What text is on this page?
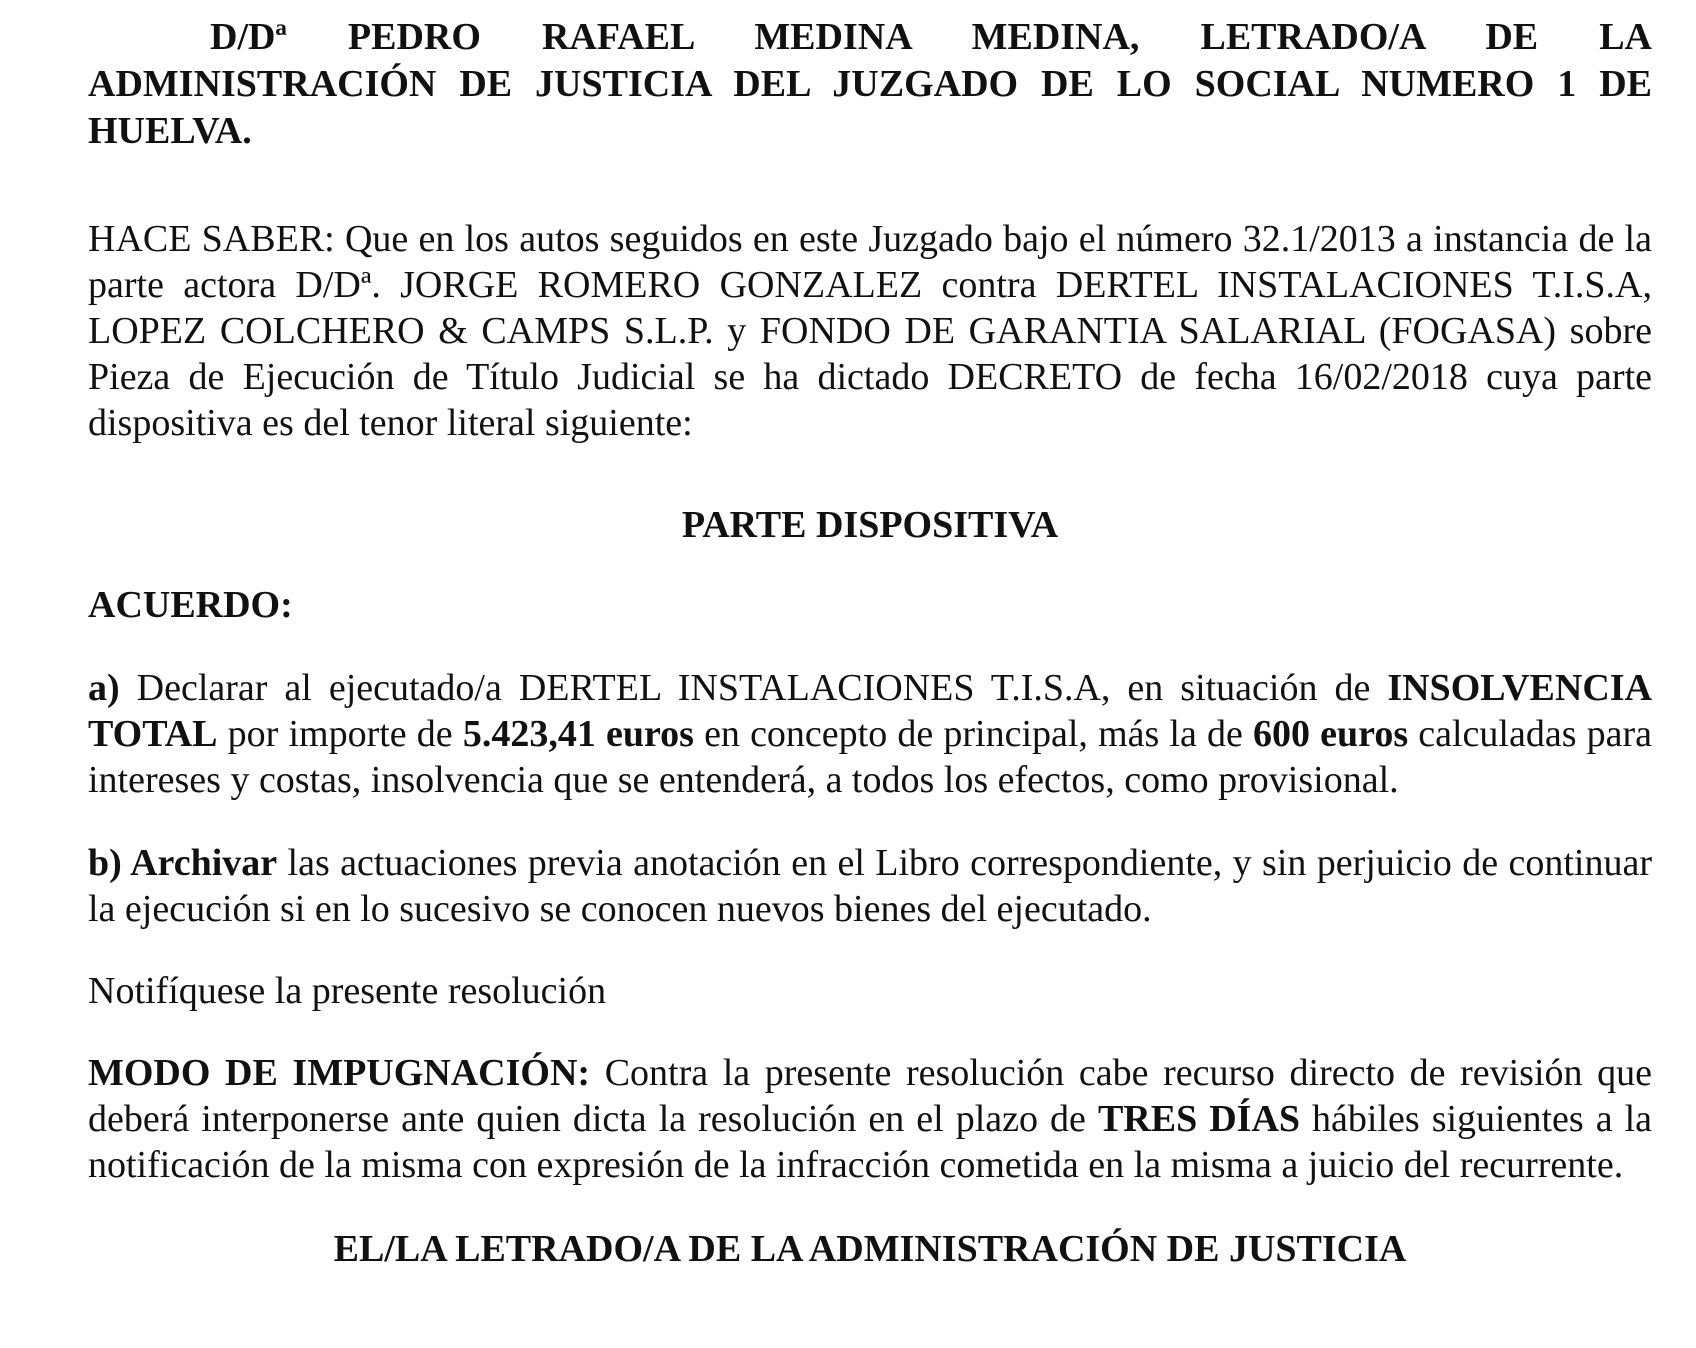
D/Dª PEDRO RAFAEL MEDINA MEDINA, LETRADO/A DE LA ADMINISTRACIÓN DE JUSTICIA DEL JUZGADO DE LO SOCIAL NUMERO 1 DE HUELVA.

HACE SABER: Que en los autos seguidos en este Juzgado bajo el número 32.1/2013 a instancia de la parte actora D/Dª. JORGE ROMERO GONZALEZ contra DERTEL INSTALACIONES T.I.S.A, LOPEZ COLCHERO & CAMPS S.L.P. y FONDO DE GARANTIA SALARIAL (FOGASA) sobre Pieza de Ejecución de Título Judicial se ha dictado DECRETO de fecha 16/02/2018 cuya parte dispositiva es del tenor literal siguiente:

PARTE DISPOSITIVA

ACUERDO:

a) Declarar al ejecutado/a DERTEL INSTALACIONES T.I.S.A, en situación de INSOLVENCIA TOTAL por importe de 5.423,41 euros en concepto de principal, más la de 600 euros calculadas para intereses y costas, insolvencia que se entenderá, a todos los efectos, como provisional.

b) Archivar las actuaciones previa anotación en el Libro correspondiente, y sin perjuicio de continuar la ejecución si en lo sucesivo se conocen nuevos bienes del ejecutado.

Notifíquese la presente resolución

MODO DE IMPUGNACIÓN: Contra la presente resolución cabe recurso directo de revisión que deberá interponerse ante quien dicta la resolución en el plazo de TRES DÍAS hábiles siguientes a la notificación de la misma con expresión de la infracción cometida en la misma a juicio del recurrente.

EL/LA LETRADO/A DE LA ADMINISTRACIÓN DE JUSTICIA
